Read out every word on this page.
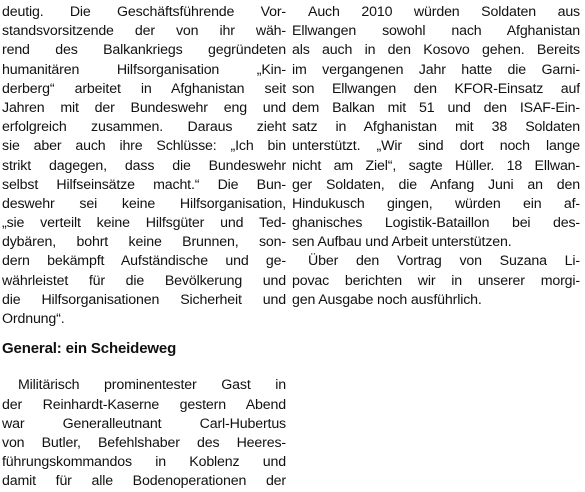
deutig. Die Geschäftsführende Vor-
standsvorsitzende der von ihr wäh-
rend des Balkankriegs gegründeten
humanitären Hilfsorganisation „Kin-
derberg“ arbeitet in Afghanistan seit
Jahren mit der Bundeswehr eng und
erfolgreich zusammen. Daraus zieht
sie aber auch ihre Schlüsse: „Ich bin
strikt dagegen, dass die Bundeswehr
selbst Hilfseinsätze macht.“ Die Bun-
deswehr sei keine Hilfsorganisation,
„sie verteilt keine Hilfsgüter und Ted-
dybären, bohrt keine Brunnen, son-
dern bekämpft Aufständische und ge-
währleistet für die Bevölkerung und
die Hilfsorganisationen Sicherheit und
Ordnung“.
General: ein Scheideweg
Militärisch prominentester Gast in
der Reinhardt-Kaserne gestern Abend
war Generalleutnant Carl-Hubertus
von Butler, Befehlshaber des Heeres-
führungskommandos in Koblenz und
damit für alle Bodenoperationen der
Auch 2010 würden Soldaten aus
Ellwangen sowohl nach Afghanistan
als auch in den Kosovo gehen. Bereits
im vergangenen Jahr hatte die Garni-
son Ellwangen den KFOR-Einsatz auf
dem Balkan mit 51 und den ISAF-Ein-
satz in Afghanistan mit 38 Soldaten
unterstützt. „Wir sind dort noch lange
nicht am Ziel“, sagte Hüller. 18 Ellwan-
ger Soldaten, die Anfang Juni an den
Hindukusch gingen, würden ein af-
ghanisches Logistik-Bataillon bei des-
sen Aufbau und Arbeit unterstützen.
Über den Vortrag von Suzana Li-
povac berichten wir in unserer morgi-
gen Ausgabe noch ausführlich.
